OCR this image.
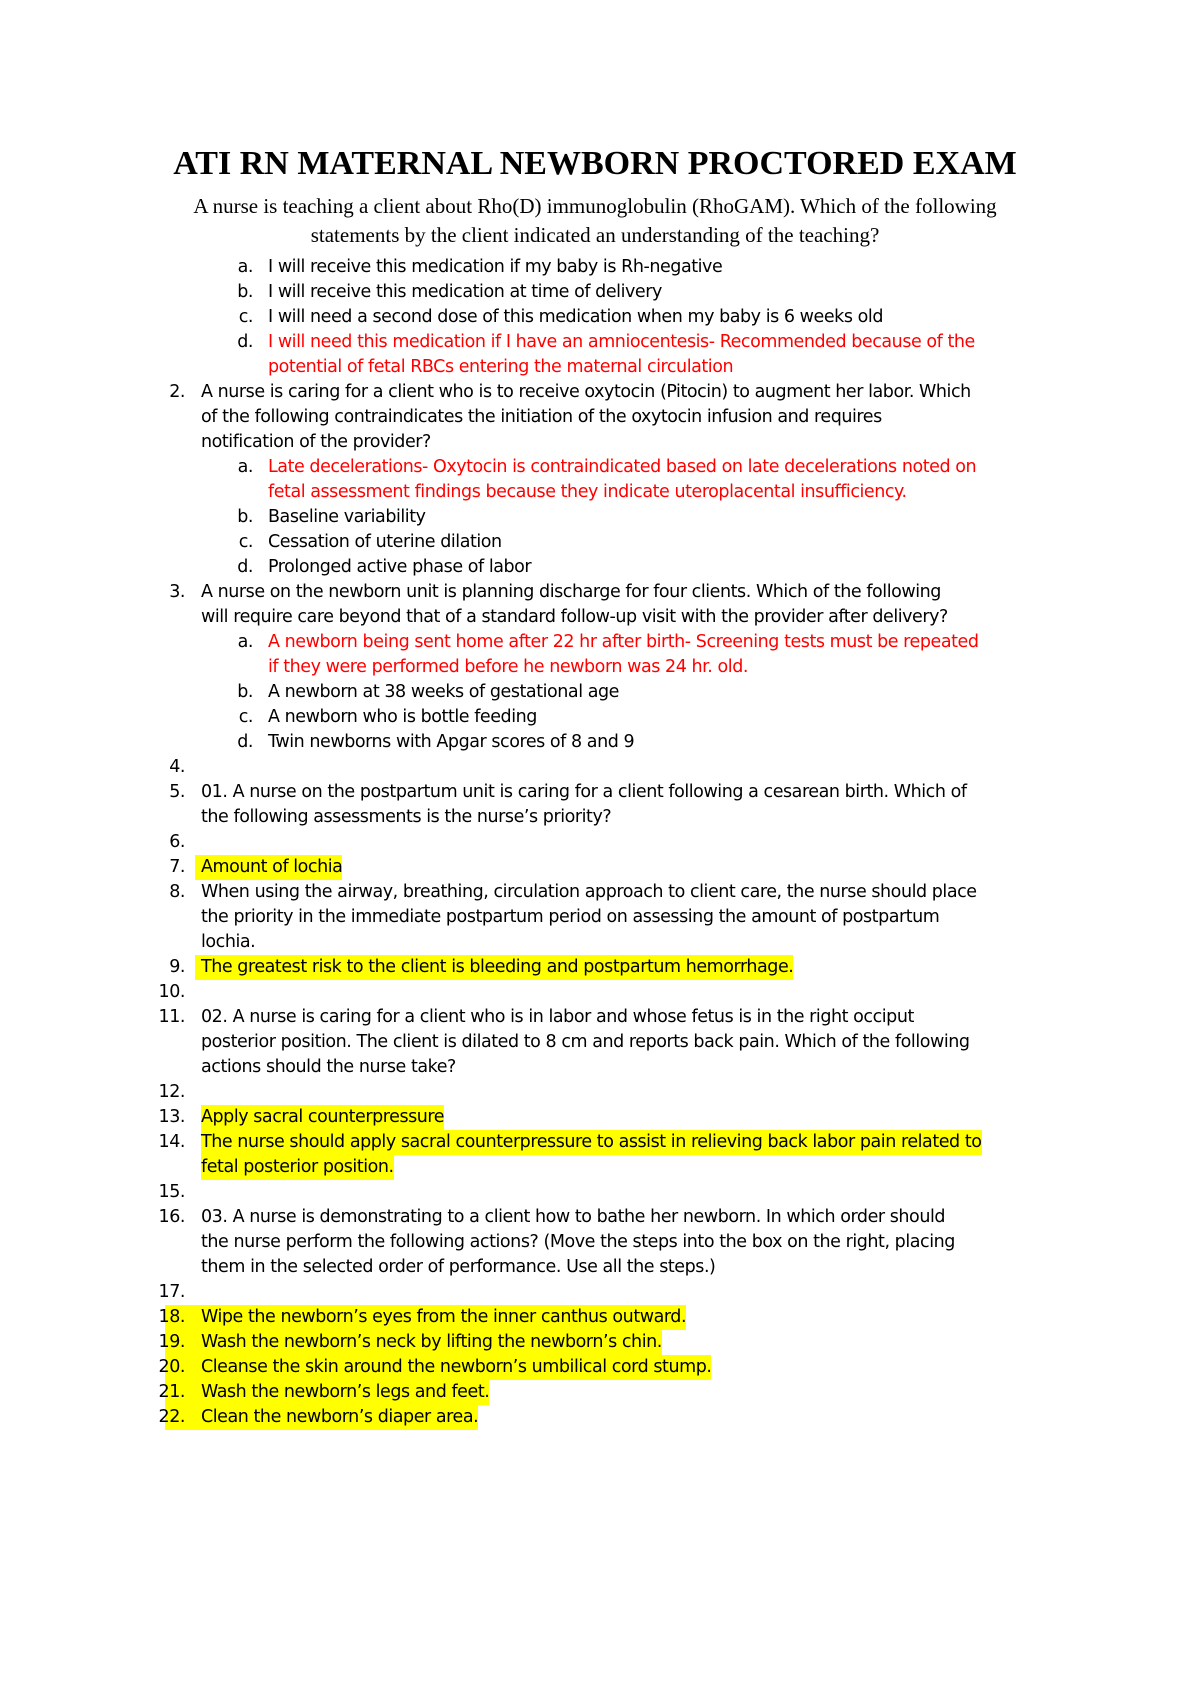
ATI RN MATERNAL NEWBORN PROCTORED EXAM

A nurse is teaching a client about Rho(D) immunoglobulin (RhoGAM). Which of the following statements by the client indicated an understanding of the teaching?

a. I will receive this medication if my baby is Rh-negative
b. I will receive this medication at time of delivery
c. I will need a second dose of this medication when my baby is 6 weeks old
d. I will need this medication if I have an amniocentesis- Recommended because of the
potential of fetal RBCs entering the maternal circulation
2. A nurse is caring for a client who is to receive oxytocin (Pitocin) to augment her labor. Which
of the following contraindicates the initiation of the oxytocin infusion and requires
notification of the provider?
a. Late decelerations- Oxytocin is contraindicated based on late decelerations noted on
fetal assessment findings because they indicate uteroplacental insufficiency.
b. Baseline variability
c. Cessation of uterine dilation
d. Prolonged active phase of labor
3. A nurse on the newborn unit is planning discharge for four clients. Which of the following
will require care beyond that of a standard follow-up visit with the provider after delivery?
a. A newborn being sent home after 22 hr after birth- Screening tests must be repeated
if they were performed before he newborn was 24 hr. old.
b. A newborn at 38 weeks of gestational age
c. A newborn who is bottle feeding
d. Twin newborns with Apgar scores of 8 and 9
4.
5. 01. A nurse on the postpartum unit is caring for a client following a cesarean birth. Which of
the following assessments is the nurse’s priority?
6.
7. Amount of lochia
8. When using the airway, breathing, circulation approach to client care, the nurse should place
the priority in the immediate postpartum period on assessing the amount of postpartum
lochia.
9. The greatest risk to the client is bleeding and postpartum hemorrhage.
10.
11. 02. A nurse is caring for a client who is in labor and whose fetus is in the right occiput
posterior position. The client is dilated to 8 cm and reports back pain. Which of the following
actions should the nurse take?
12.
13. Apply sacral counterpressure
14. The nurse should apply sacral counterpressure to assist in relieving back labor pain related to
fetal posterior position.
15.
16. 03. A nurse is demonstrating to a client how to bathe her newborn. In which order should
the nurse perform the following actions? (Move the steps into the box on the right, placing
them in the selected order of performance. Use all the steps.)
17.
18. Wipe the newborn’s eyes from the inner canthus outward.
19. Wash the newborn’s neck by lifting the newborn’s chin.
20. Cleanse the skin around the newborn’s umbilical cord stump.
21. Wash the newborn’s legs and feet.
22. Clean the newborn’s diaper area.
